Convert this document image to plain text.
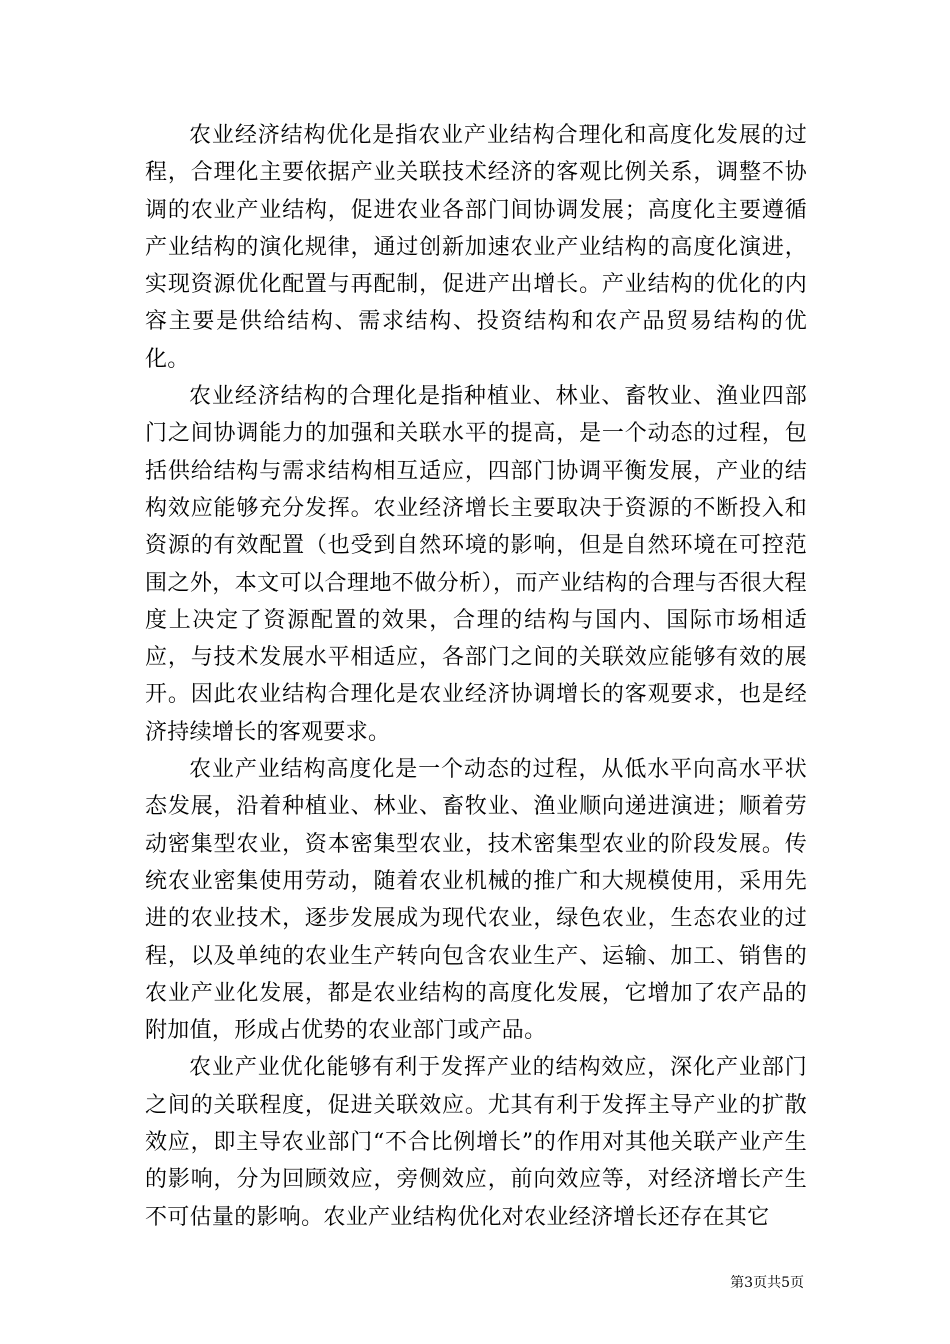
农业经济结构优化是指农业产业结构合理化和高度化发展的过程，合理化主要依据产业关联技术经济的客观比例关系，调整不协调的农业产业结构，促进农业各部门间协调发展；高度化主要遵循产业结构的演化规律，通过创新加速农业产业结构的高度化演进，实现资源优化配置与再配制，促进产出增长。产业结构的优化的内容主要是供给结构、需求结构、投资结构和农产品贸易结构的优化。

农业经济结构的合理化是指种植业、林业、畜牧业、渔业四部门之间协调能力的加强和关联水平的提高，是一个动态的过程，包括供给结构与需求结构相互适应，四部门协调平衡发展，产业的结构效应能够充分发挥。农业经济增长主要取决于资源的不断投入和资源的有效配置（也受到自然环境的影响，但是自然环境在可控范围之外，本文可以合理地不做分析），而产业结构的合理与否很大程度上决定了资源配置的效果，合理的结构与国内、国际市场相适应，与技术发展水平相适应，各部门之间的关联效应能够有效的展开。因此农业结构合理化是农业经济协调增长的客观要求，也是经济持续增长的客观要求。

农业产业结构高度化是一个动态的过程，从低水平向高水平状态发展，沿着种植业、林业、畜牧业、渔业顺向递进演进；顺着劳动密集型农业，资本密集型农业，技术密集型农业的阶段发展。传统农业密集使用劳动，随着农业机械的推广和大规模使用，采用先进的农业技术，逐步发展成为现代农业，绿色农业，生态农业的过程，以及单纯的农业生产转向包含农业生产、运输、加工、销售的农业产业化发展，都是农业结构的高度化发展，它增加了农产品的附加值，形成占优势的农业部门或产品。

农业产业优化能够有利于发挥产业的结构效应，深化产业部门之间的关联程度，促进关联效应。尤其有利于发挥主导产业的扩散效应，即主导农业部门“不合比例增长”的作用对其他关联产业产生的影响，分为回顾效应，旁侧效应，前向效应等，对经济增长产生不可估量的影响。农业产业结构优化对农业经济增长还存在其它

第3页共5页
